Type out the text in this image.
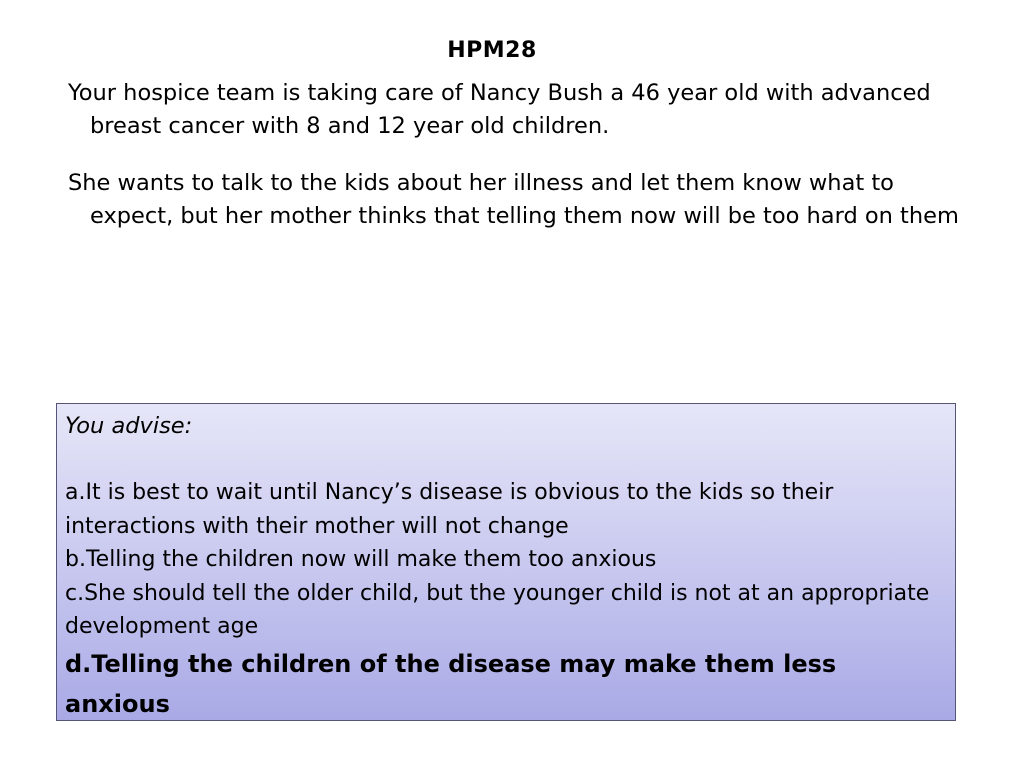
HPM28
Your hospice team is taking care of Nancy Bush a 46 year old with advanced breast cancer with 8 and 12 year old children.
She wants to talk to the kids about her illness and let them know what to expect, but her mother thinks that telling them now will be too hard on them

You advise:

a.It is best to wait until Nancy’s disease is obvious to the kids so their interactions with their mother will not change

b.Telling the children now will make them too anxious

c.She should tell the older child, but the younger child is not at an appropriate development age

d.Telling the children of the disease may make them less anxious
